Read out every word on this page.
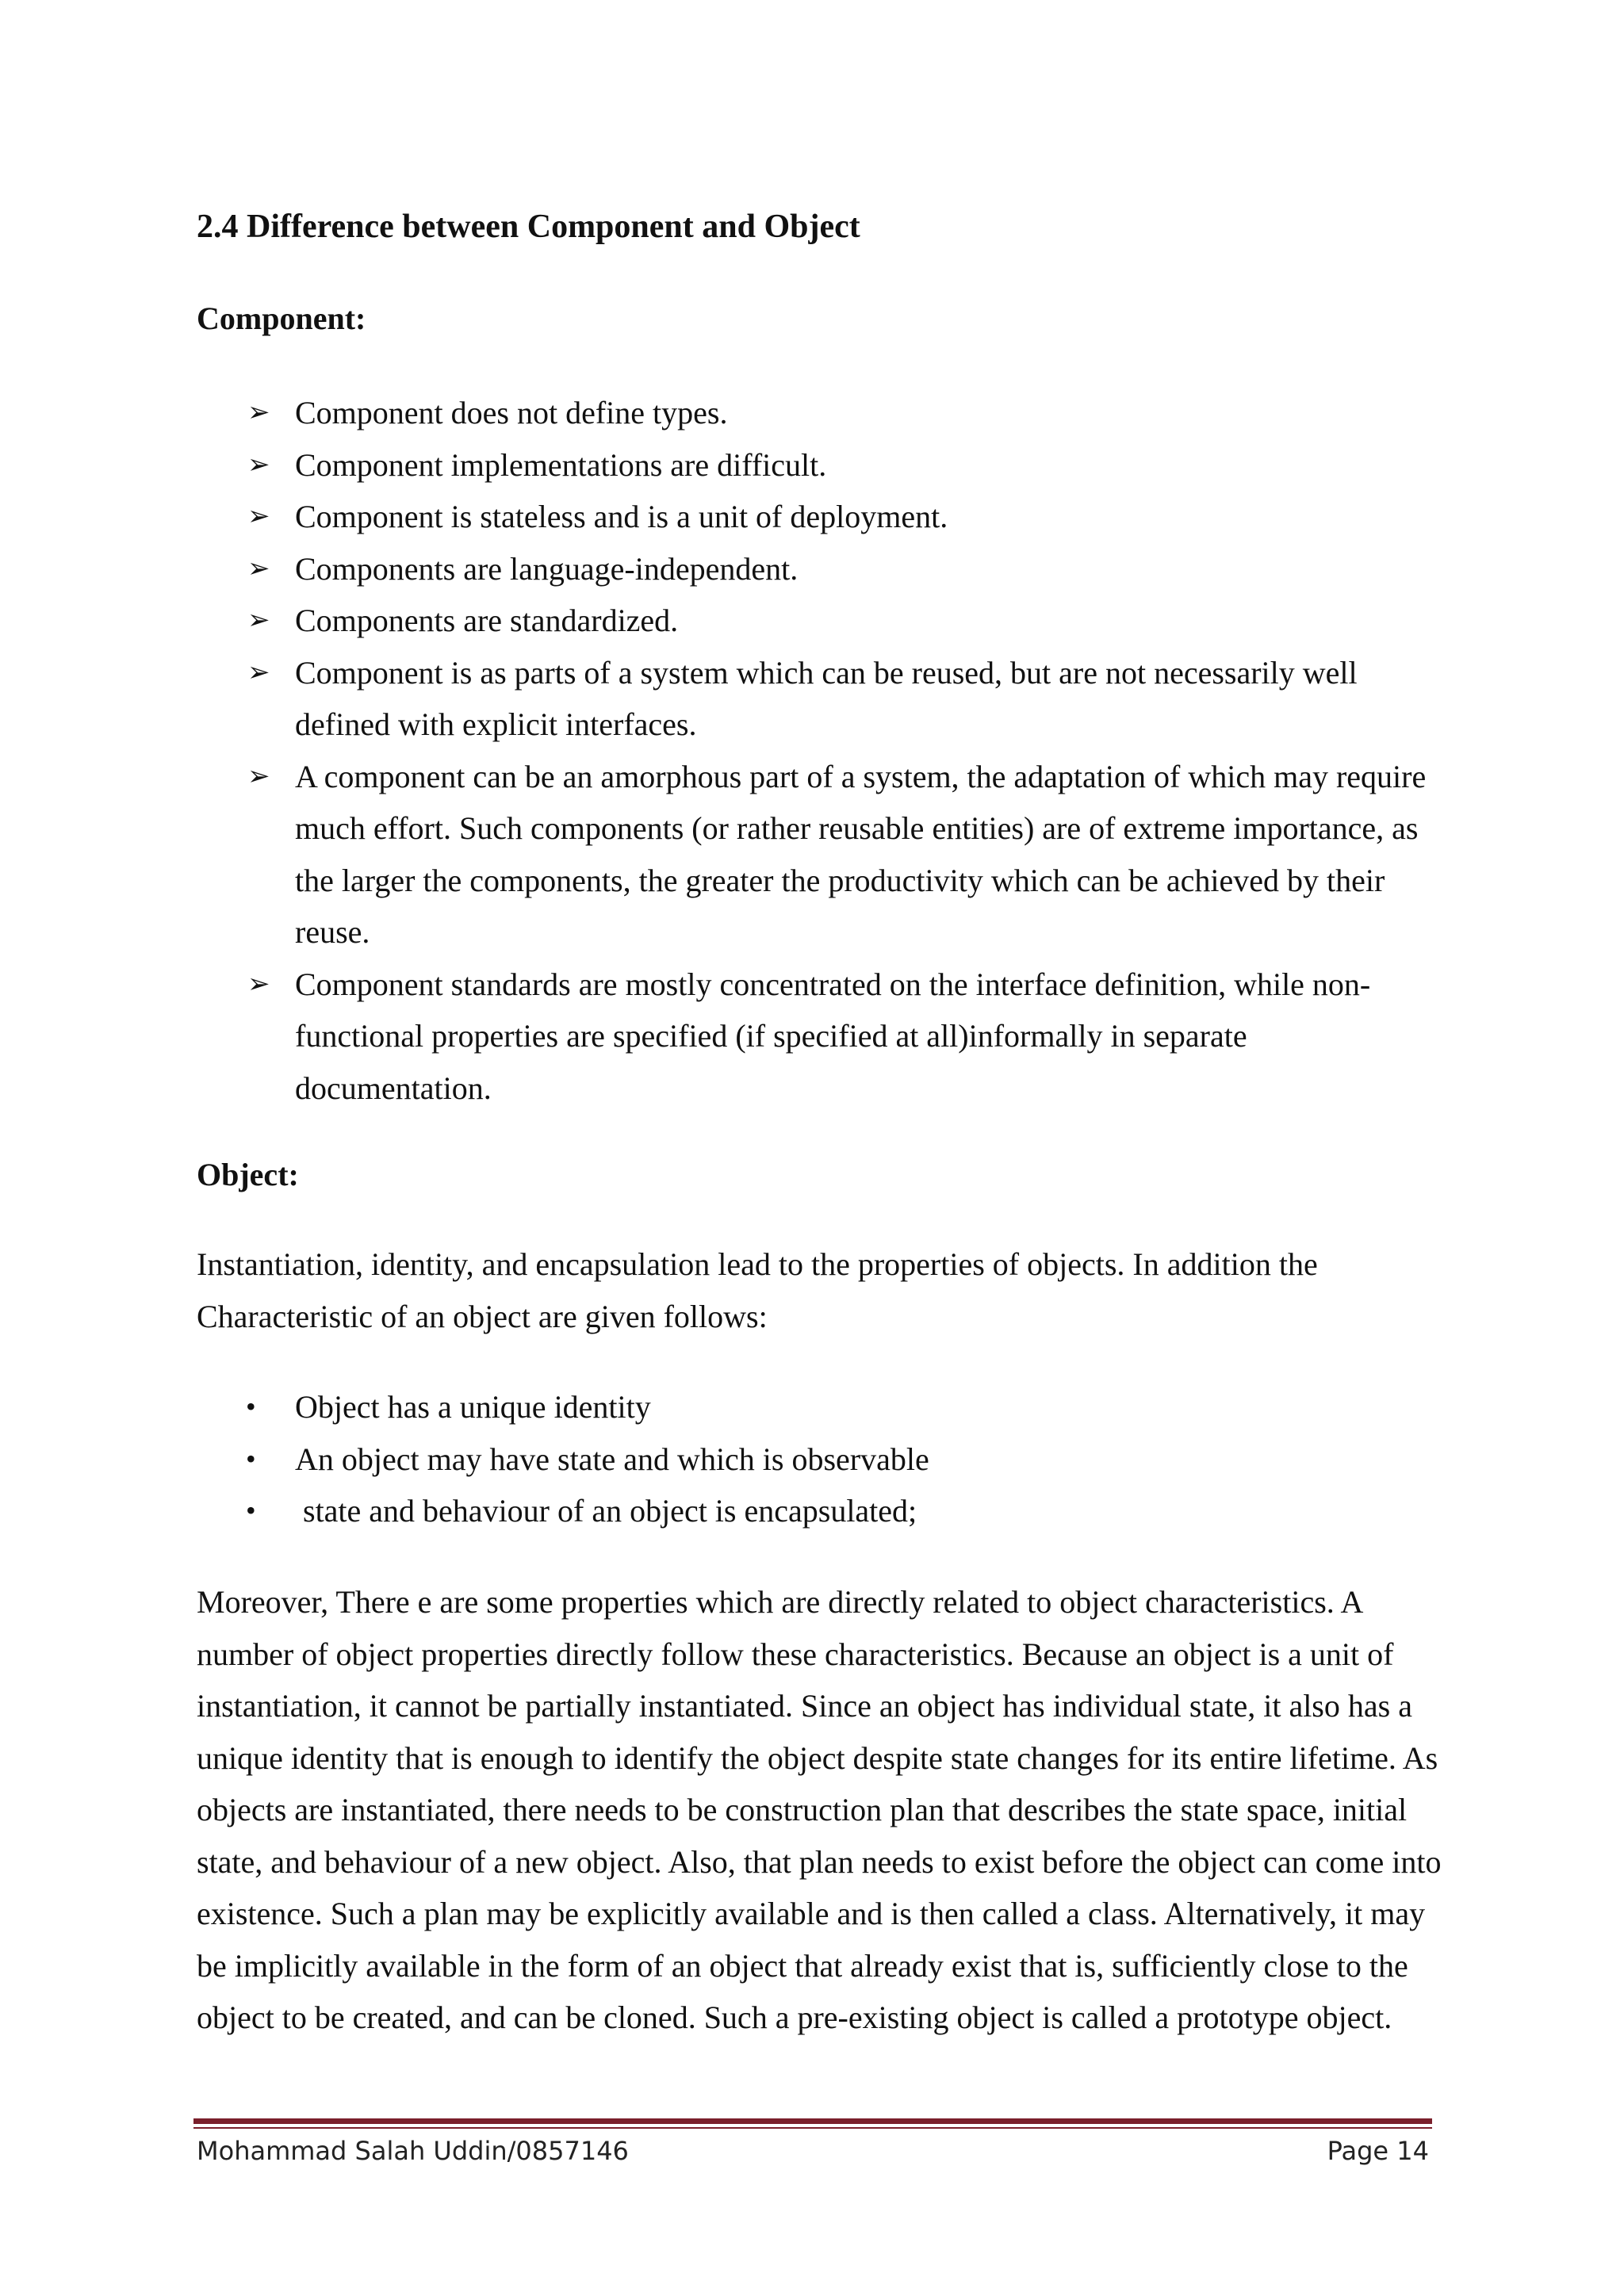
2.4 Difference between Component and Object
Component:
➢ Component does not define types.
➢ Component implementations are difficult.
➢ Component is stateless and is a unit of deployment.
➢ Components are language-independent.
➢ Components are standardized.
➢ Component is as parts of a system which can be reused, but are not necessarily well defined with explicit interfaces.
➢ A component can be an amorphous part of a system, the adaptation of which may require much effort. Such components (or rather reusable entities) are of extreme importance, as the larger the components, the greater the productivity which can be achieved by their reuse.
➢ Component standards are mostly concentrated on the interface definition, while non-functional properties are specified (if specified at all)informally in separate documentation.
Object:

Instantiation, identity, and encapsulation lead to the properties of objects. In addition the Characteristic of an object are given follows:

• Object has a unique identity
• An object may have state and which is observable
• state and behaviour of an object is encapsulated;

Moreover, There e are some properties which are directly related to object characteristics. A number of object properties directly follow these characteristics. Because an object is a unit of instantiation, it cannot be partially instantiated. Since an object has individual state, it also has a unique identity that is enough to identify the object despite state changes for its entire lifetime. As objects are instantiated, there needs to be construction plan that describes the state space, initial state, and behaviour of a new object. Also, that plan needs to exist before the object can come into existence. Such a plan may be explicitly available and is then called a class. Alternatively, it may be implicitly available in the form of an object that already exist that is, sufficiently close to the object to be created, and can be cloned. Such a pre-existing object is called a prototype object.

Mohammad Salah Uddin/0857146	Page 14
